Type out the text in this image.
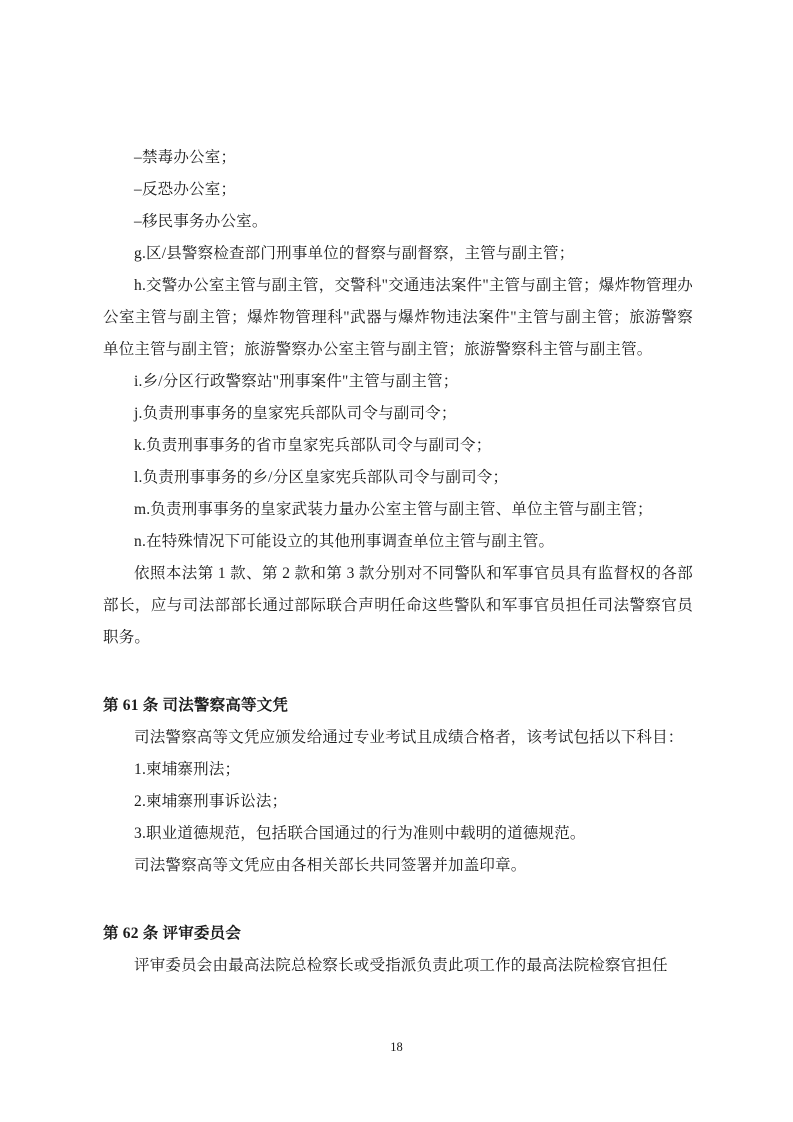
–禁毒办公室；

–反恐办公室；

–移民事务办公室。

g.区/县警察检查部门刑事单位的督察与副督察，主管与副主管；

h.交警办公室主管与副主管，交警科"交通违法案件"主管与副主管；爆炸物管理办公室主管与副主管；爆炸物管理科"武器与爆炸物违法案件"主管与副主管；旅游警察单位主管与副主管；旅游警察办公室主管与副主管；旅游警察科主管与副主管。

i.乡/分区行政警察站"刑事案件"主管与副主管；

j.负责刑事事务的皇家宪兵部队司令与副司令；

k.负责刑事事务的省市皇家宪兵部队司令与副司令；

l.负责刑事事务的乡/分区皇家宪兵部队司令与副司令；

m.负责刑事事务的皇家武装力量办公室主管与副主管、单位主管与副主管；

n.在特殊情况下可能设立的其他刑事调查单位主管与副主管。

依照本法第 1 款、第 2 款和第 3 款分别对不同警队和军事官员具有监督权的各部部长，应与司法部部长通过部际联合声明任命这些警队和军事官员担任司法警察官员职务。

第 61 条 司法警察高等文凭

司法警察高等文凭应颁发给通过专业考试且成绩合格者，该考试包括以下科目：

1.柬埔寨刑法；

2.柬埔寨刑事诉讼法；

3.职业道德规范，包括联合国通过的行为准则中载明的道德规范。

司法警察高等文凭应由各相关部长共同签署并加盖印章。

第 62 条 评审委员会

评审委员会由最高法院总检察长或受指派负责此项工作的最高法院检察官担任

18
